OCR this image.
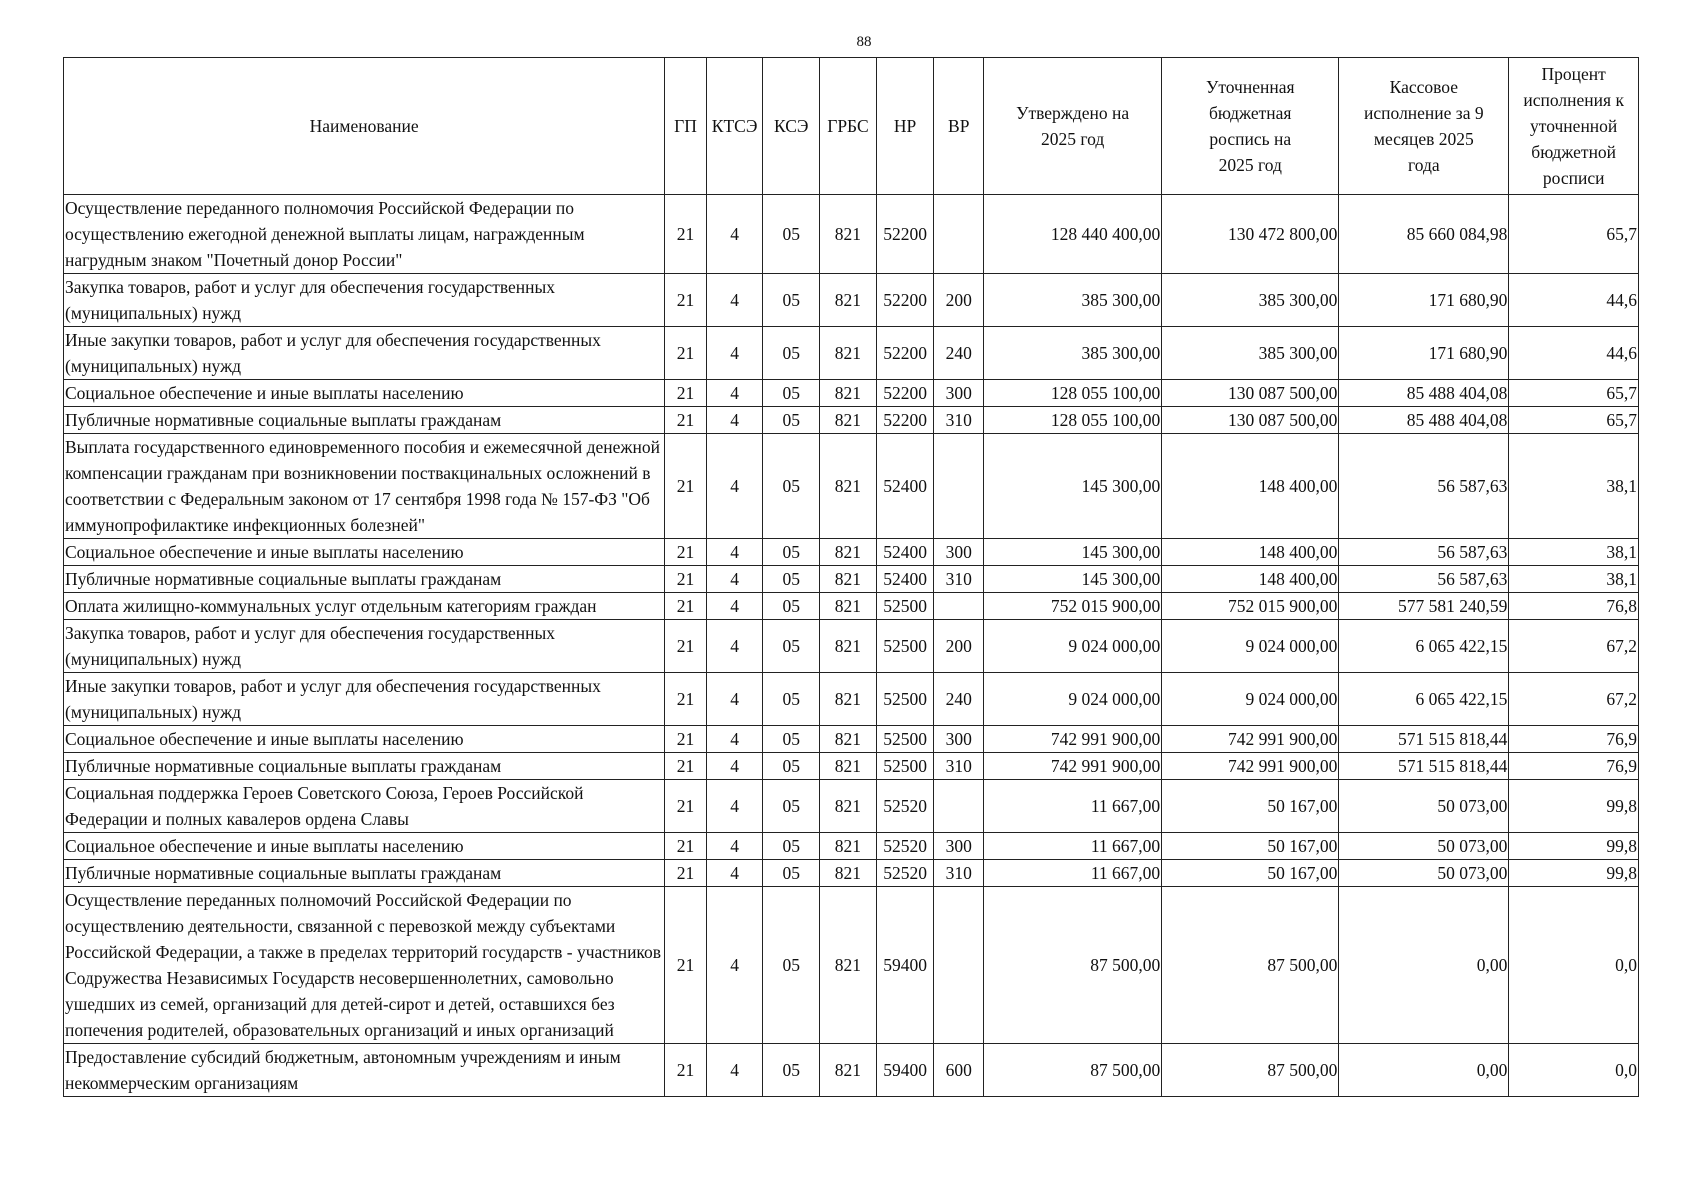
88
Наименование	ГП	КТСЭ	КСЭ	ГРБС	НР	ВР	Утверждено на 2025 год	Уточненная бюджетная роспись на 2025 год	Кассовое исполнение за 9 месяцев 2025 года	Процент исполнения к уточненной бюджетной росписи
Осуществление переданного полномочия Российской Федерации по осуществлению ежегодной денежной выплаты лицам, награжденным нагрудным знаком "Почетный донор России"	21	4	05	821	52200		128 440 400,00	130 472 800,00	85 660 084,98	65,7
Закупка товаров, работ и услуг для обеспечения государственных (муниципальных) нужд	21	4	05	821	52200	200	385 300,00	385 300,00	171 680,90	44,6
Иные закупки товаров, работ и услуг для обеспечения государственных (муниципальных) нужд	21	4	05	821	52200	240	385 300,00	385 300,00	171 680,90	44,6
Социальное обеспечение и иные выплаты населению	21	4	05	821	52200	300	128 055 100,00	130 087 500,00	85 488 404,08	65,7
Публичные нормативные социальные выплаты гражданам	21	4	05	821	52200	310	128 055 100,00	130 087 500,00	85 488 404,08	65,7
Выплата государственного единовременного пособия и ежемесячной денежной компенсации гражданам при возникновении поствакцинальных осложнений в соответствии с Федеральным законом от 17 сентября 1998 года № 157-ФЗ "Об иммунопрофилактике инфекционных болезней"	21	4	05	821	52400		145 300,00	148 400,00	56 587,63	38,1
Социальное обеспечение и иные выплаты населению	21	4	05	821	52400	300	145 300,00	148 400,00	56 587,63	38,1
Публичные нормативные социальные выплаты гражданам	21	4	05	821	52400	310	145 300,00	148 400,00	56 587,63	38,1
Оплата жилищно-коммунальных услуг отдельным категориям граждан	21	4	05	821	52500		752 015 900,00	752 015 900,00	577 581 240,59	76,8
Закупка товаров, работ и услуг для обеспечения государственных (муниципальных) нужд	21	4	05	821	52500	200	9 024 000,00	9 024 000,00	6 065 422,15	67,2
Иные закупки товаров, работ и услуг для обеспечения государственных (муниципальных) нужд	21	4	05	821	52500	240	9 024 000,00	9 024 000,00	6 065 422,15	67,2
Социальное обеспечение и иные выплаты населению	21	4	05	821	52500	300	742 991 900,00	742 991 900,00	571 515 818,44	76,9
Публичные нормативные социальные выплаты гражданам	21	4	05	821	52500	310	742 991 900,00	742 991 900,00	571 515 818,44	76,9
Социальная поддержка Героев Советского Союза, Героев Российской Федерации и полных кавалеров ордена Славы	21	4	05	821	52520		11 667,00	50 167,00	50 073,00	99,8
Социальное обеспечение и иные выплаты населению	21	4	05	821	52520	300	11 667,00	50 167,00	50 073,00	99,8
Публичные нормативные социальные выплаты гражданам	21	4	05	821	52520	310	11 667,00	50 167,00	50 073,00	99,8
Осуществление переданных полномочий Российской Федерации по осуществлению деятельности, связанной с перевозкой между субъектами Российской Федерации, а также в пределах территорий государств - участников Содружества Независимых Государств несовершеннолетних, самовольно ушедших из семей, организаций для детей-сирот и детей, оставшихся без попечения родителей, образовательных организаций и иных организаций	21	4	05	821	59400		87 500,00	87 500,00	0,00	0,0
Предоставление субсидий бюджетным, автономным учреждениям и иным некоммерческим организациям	21	4	05	821	59400	600	87 500,00	87 500,00	0,00	0,0
